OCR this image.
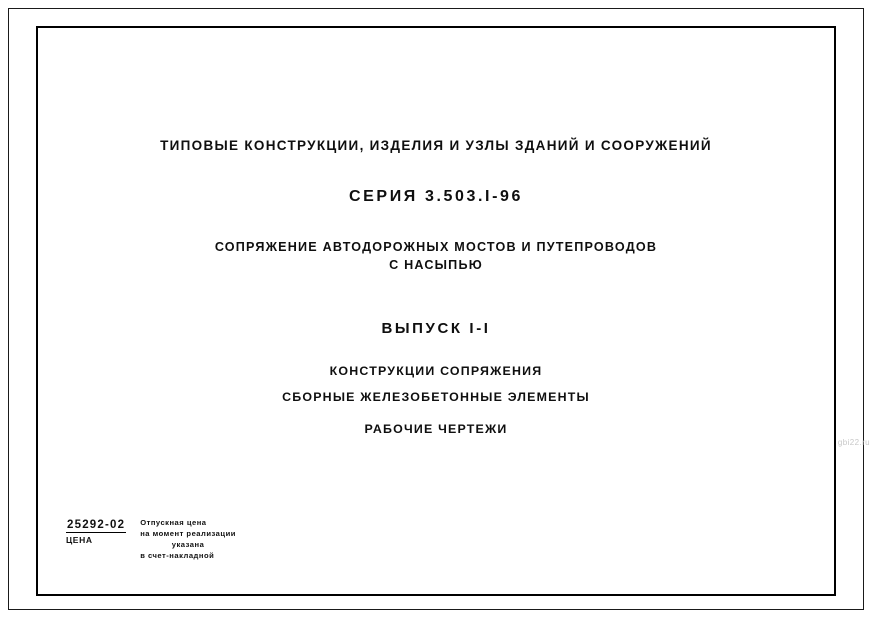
ТИПОВЫЕ КОНСТРУКЦИИ, ИЗДЕЛИЯ И УЗЛЫ ЗДАНИЙ И СООРУЖЕНИЙ
СЕРИЯ 3.503.I-96
СОПРЯЖЕНИЕ АВТОДОРОЖНЫХ МОСТОВ И ПУТЕПРОВОДОВ
С НАСЫПЬЮ
ВЫПУСК I-I
КОНСТРУКЦИИ СОПРЯЖЕНИЯ
СБОРНЫЕ ЖЕЛЕЗОБЕТОННЫЕ ЭЛЕМЕНТЫ
РАБОЧИЕ ЧЕРТЕЖИ
25292-02
ЦЕНА
Отпускная цена
на момент реализации
указана
в счет-накладной
gbi22.ru
